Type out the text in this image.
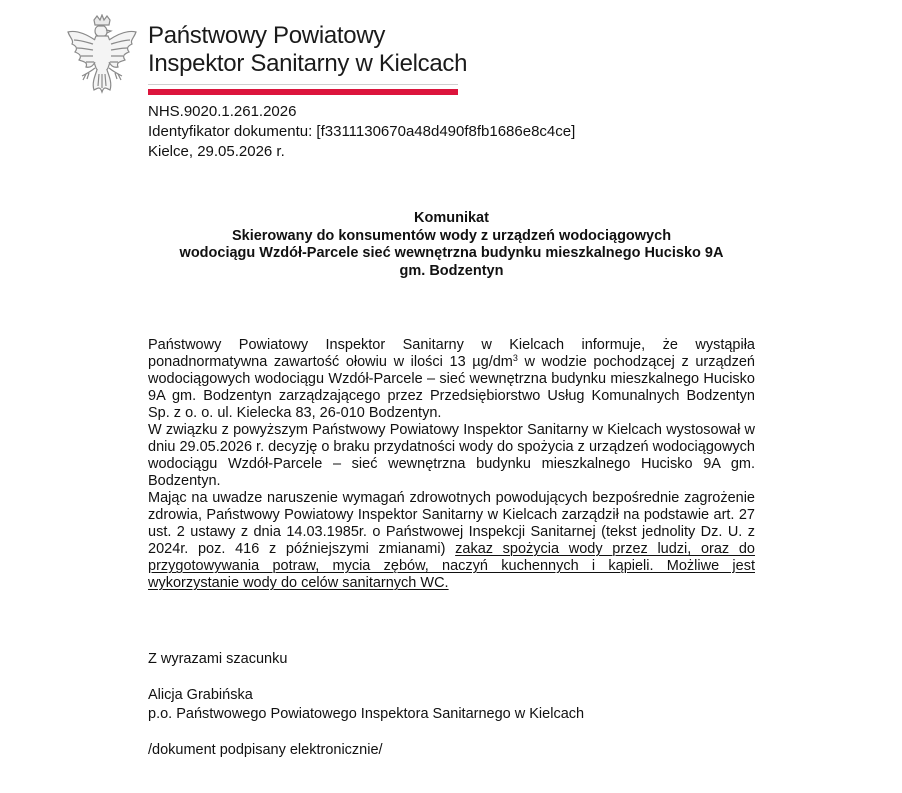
Państwowy Powiatowy
Inspektor Sanitarny w Kielcach
NHS.9020.1.261.2026
Identyfikator dokumentu: [f3311130670a48d490f8fb1686e8c4ce]
Kielce, 29.05.2026 r.
Komunikat
Skierowany do konsumentów wody z urządzeń wodociągowych
wodociągu Wzdół-Parcele sieć wewnętrzna budynku mieszkalnego Hucisko 9A
gm. Bodzentyn

Państwowy Powiatowy Inspektor Sanitarny w Kielcach informuje, że wystąpiła ponadnormatywna zawartość ołowiu w ilości 13 $\mu g/dm^3$ w wodzie pochodzącej z urządzeń wodociągowych wodociągu Wzdół-Parcele – sieć wewnętrzna budynku mieszkalnego Hucisko 9A gm. Bodzentyn zarządzającego przez Przedsiębiorstwo Usług Komunalnych Bodzentyn Sp. z o. o. ul. Kielecka 83, 26-010 Bodzentyn.

W związku z powyższym Państwowy Powiatowy Inspektor Sanitarny w Kielcach wystosował w dniu 29.05.2026 r. decyzję o braku przydatności wody do spożycia z urządzeń wodociągowych wodociągu Wzdół-Parcele – sieć wewnętrzna budynku mieszkalnego Hucisko 9A gm. Bodzentyn.

Mając na uwadze naruszenie wymagań zdrowotnych powodujących bezpośrednie zagrożenie zdrowia, Państwowy Powiatowy Inspektor Sanitarny w Kielcach zarządził na podstawie art. 27 ust. 2 ustawy z dnia 14.03.1985r. o Państwowej Inspekcji Sanitarnej (tekst jednolity Dz. U. z 2024r. poz. 416 z późniejszymi zmianami) zakaz spożycia wody przez ludzi, oraz do przygotowywania potraw, mycia zębów, naczyń kuchennych i kąpieli. Możliwe jest wykorzystanie wody do celów sanitarnych WC.

Z wyrazami szacunku
Alicja Grabińska
p.o. Państwowego Powiatowego Inspektora Sanitarnego w Kielcach
/dokument podpisany elektronicznie/
